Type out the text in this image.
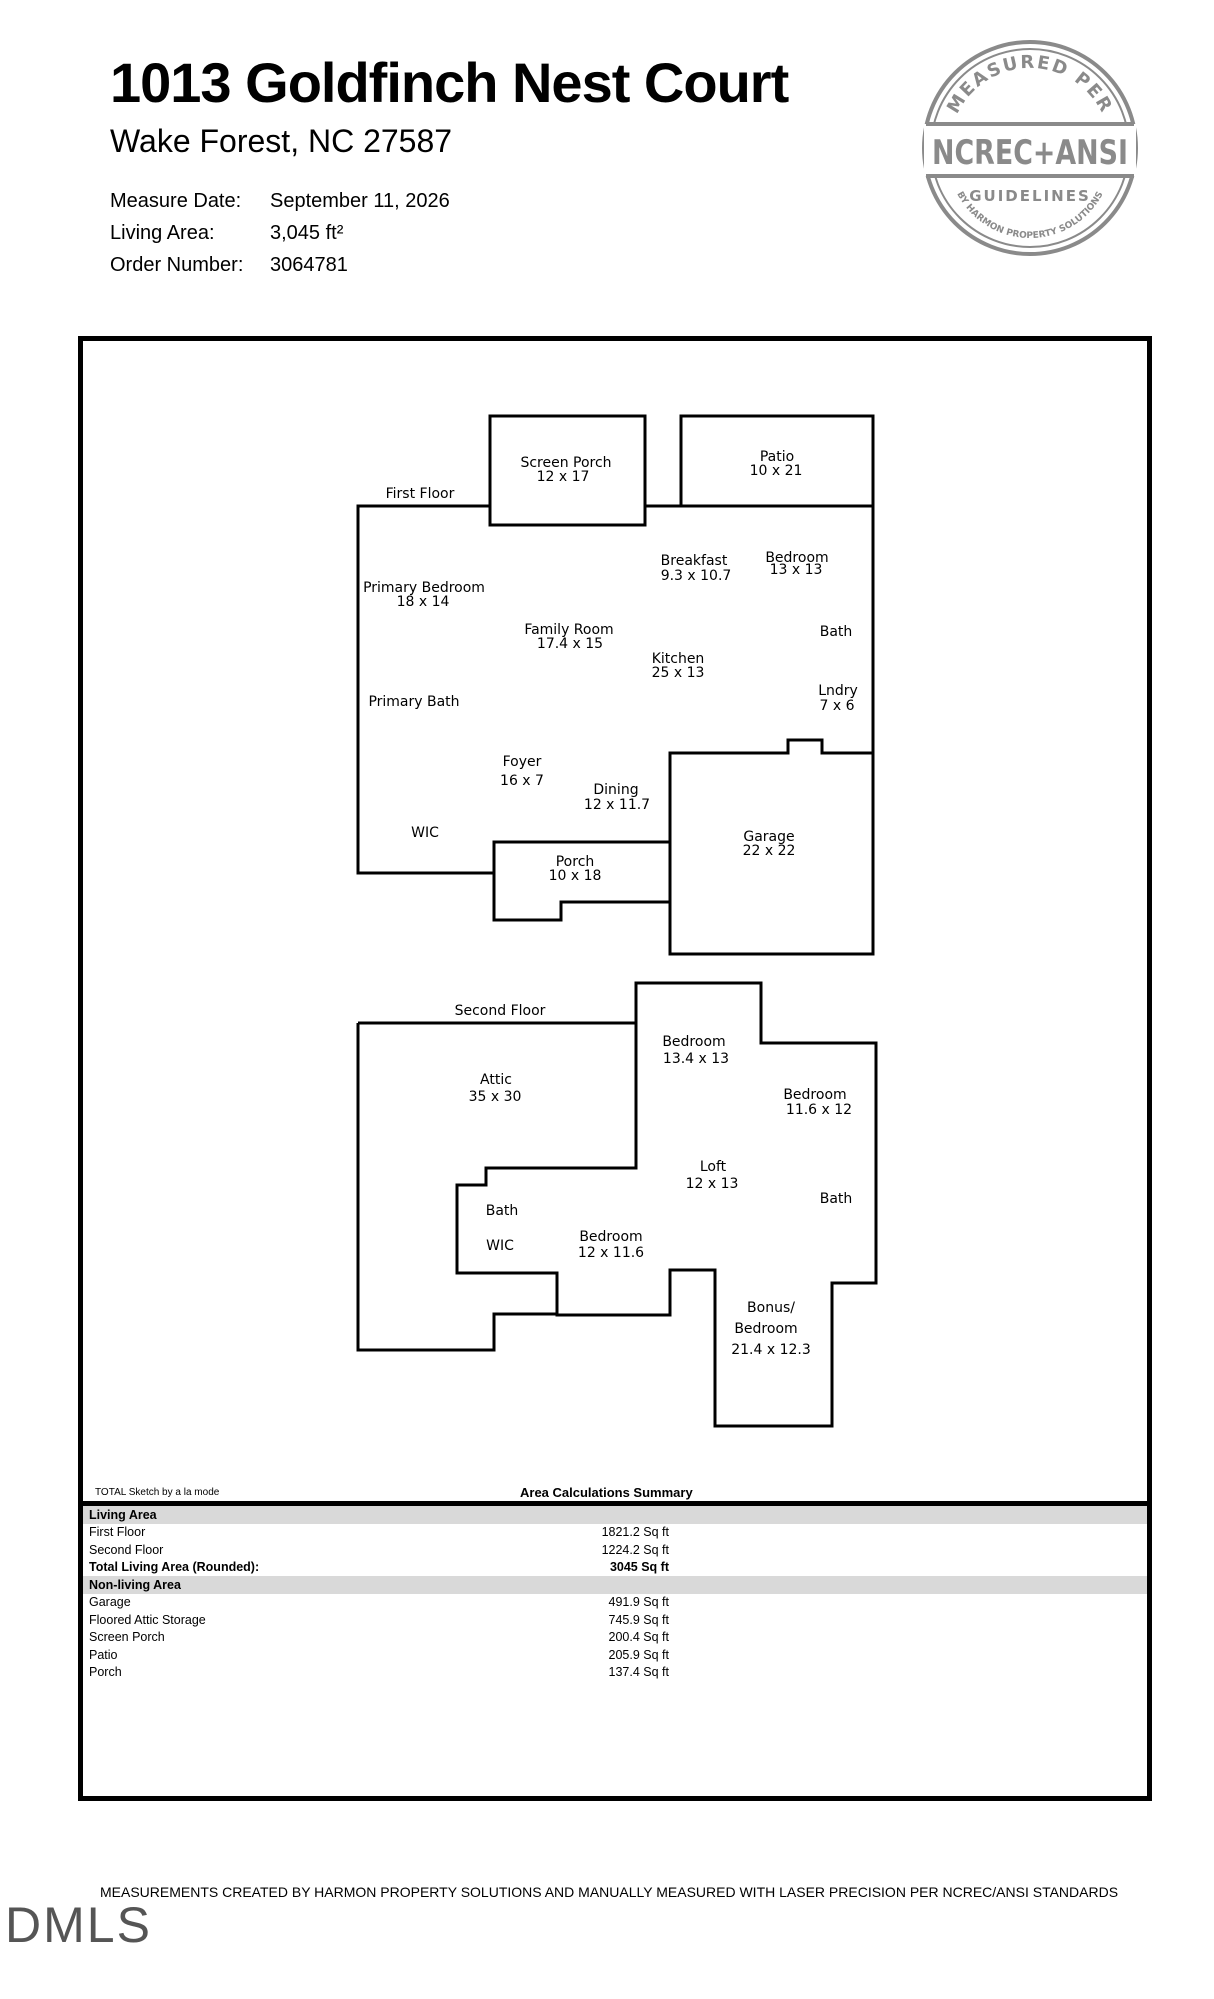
1013 Goldfinch Nest Court
Wake Forest, NC 27587
Measure Date:	September 11, 2026
Living Area:	3,045 ft²
Order Number:	3064781
MEASURED PER
NCREC+ANSI
GUIDELINES
BY HARMON PROPERTY SOLUTIONS
First Floor
Screen Porch
12 x 17
Patio
10 x 21
Breakfast
9.3 x 10.7
Bedroom
13 x 13
Primary Bedroom
18 x 14
Family Room
17.4 x 15
Bath
Kitchen
25 x 13
Lndry
7 x 6
Primary Bath
Foyer
16 x 7
Dining
12 x 11.7
Garage
22 x 22
WIC
Porch
10 x 18
Second Floor
Bedroom
13.4 x 13
Attic
35 x 30	Bedroom
11.6 x 12
Loft
12 x 13
Bath
Bath
WIC
Bedroom
12 x 11.6
Bonus/
Bedroom
21.4 x 12.3
TOTAL Sketch by a la mode	Area Calculations Summary
Living Area
First Floor	1821.2 Sq ft
Second Floor	1224.2 Sq ft
Total Living Area (Rounded):	3045 Sq ft
Non-living Area
Garage	491.9 Sq ft
Floored Attic Storage	745.9 Sq ft
Screen Porch	200.4 Sq ft
Patio	205.9 Sq ft
Porch	137.4 Sq ft
MEASUREMENTS CREATED BY HARMON PROPERTY SOLUTIONS AND MANUALLY MEASURED WITH LASER PRECISION PER NCREC/ANSI STANDARDS
DMLS
